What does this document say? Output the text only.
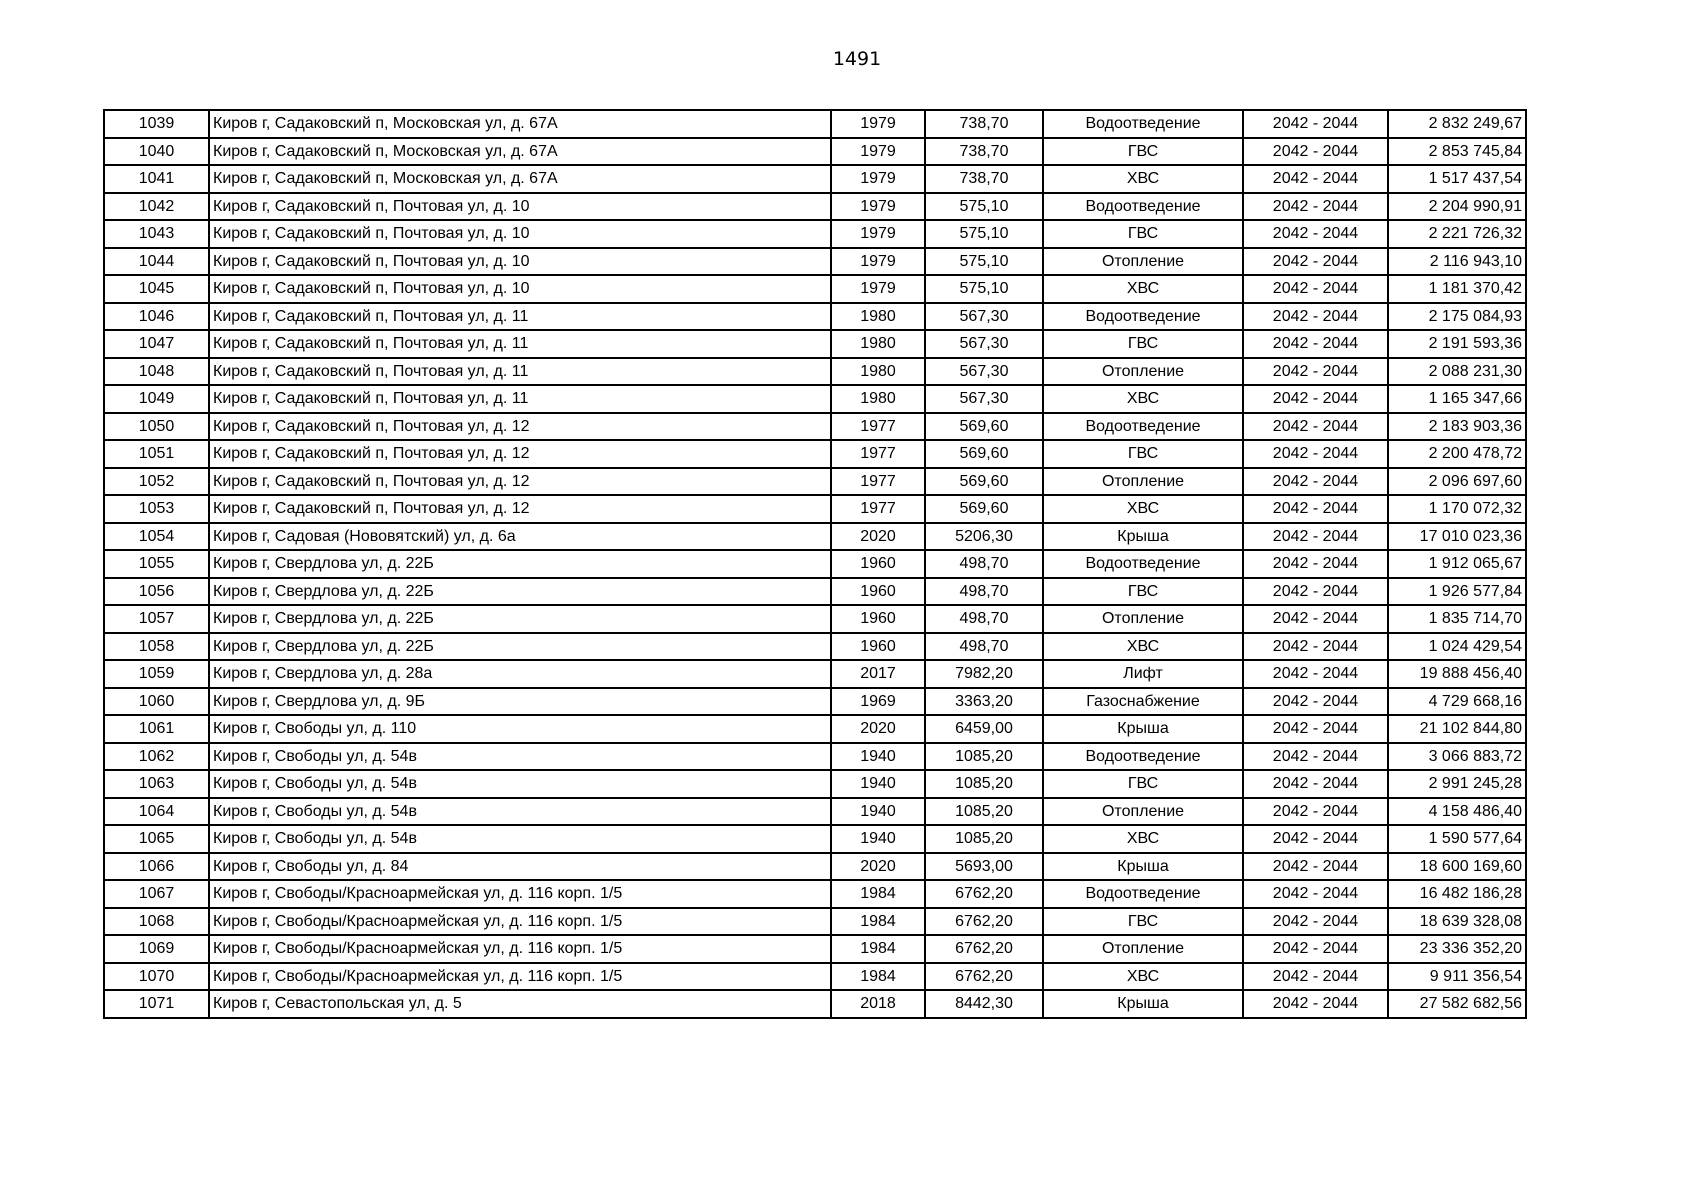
1491
1039	Киров г, Садаковский п, Московская ул, д. 67А	1979	738,70	Водоотведение	2042 - 2044	2 832 249,67
1040	Киров г, Садаковский п, Московская ул, д. 67А	1979	738,70	ГВС	2042 - 2044	2 853 745,84
1041	Киров г, Садаковский п, Московская ул, д. 67А	1979	738,70	ХВС	2042 - 2044	1 517 437,54
1042	Киров г, Садаковский п, Почтовая ул, д. 10	1979	575,10	Водоотведение	2042 - 2044	2 204 990,91
1043	Киров г, Садаковский п, Почтовая ул, д. 10	1979	575,10	ГВС	2042 - 2044	2 221 726,32
1044	Киров г, Садаковский п, Почтовая ул, д. 10	1979	575,10	Отопление	2042 - 2044	2 116 943,10
1045	Киров г, Садаковский п, Почтовая ул, д. 10	1979	575,10	ХВС	2042 - 2044	1 181 370,42
1046	Киров г, Садаковский п, Почтовая ул, д. 11	1980	567,30	Водоотведение	2042 - 2044	2 175 084,93
1047	Киров г, Садаковский п, Почтовая ул, д. 11	1980	567,30	ГВС	2042 - 2044	2 191 593,36
1048	Киров г, Садаковский п, Почтовая ул, д. 11	1980	567,30	Отопление	2042 - 2044	2 088 231,30
1049	Киров г, Садаковский п, Почтовая ул, д. 11	1980	567,30	ХВС	2042 - 2044	1 165 347,66
1050	Киров г, Садаковский п, Почтовая ул, д. 12	1977	569,60	Водоотведение	2042 - 2044	2 183 903,36
1051	Киров г, Садаковский п, Почтовая ул, д. 12	1977	569,60	ГВС	2042 - 2044	2 200 478,72
1052	Киров г, Садаковский п, Почтовая ул, д. 12	1977	569,60	Отопление	2042 - 2044	2 096 697,60
1053	Киров г, Садаковский п, Почтовая ул, д. 12	1977	569,60	ХВС	2042 - 2044	1 170 072,32
1054	Киров г, Садовая (Нововятский) ул, д. 6а	2020	5206,30	Крыша	2042 - 2044	17 010 023,36
1055	Киров г, Свердлова ул, д. 22Б	1960	498,70	Водоотведение	2042 - 2044	1 912 065,67
1056	Киров г, Свердлова ул, д. 22Б	1960	498,70	ГВС	2042 - 2044	1 926 577,84
1057	Киров г, Свердлова ул, д. 22Б	1960	498,70	Отопление	2042 - 2044	1 835 714,70
1058	Киров г, Свердлова ул, д. 22Б	1960	498,70	ХВС	2042 - 2044	1 024 429,54
1059	Киров г, Свердлова ул, д. 28а	2017	7982,20	Лифт	2042 - 2044	19 888 456,40
1060	Киров г, Свердлова ул, д. 9Б	1969	3363,20	Газоснабжение	2042 - 2044	4 729 668,16
1061	Киров г, Свободы ул, д. 110	2020	6459,00	Крыша	2042 - 2044	21 102 844,80
1062	Киров г, Свободы ул, д. 54в	1940	1085,20	Водоотведение	2042 - 2044	3 066 883,72
1063	Киров г, Свободы ул, д. 54в	1940	1085,20	ГВС	2042 - 2044	2 991 245,28
1064	Киров г, Свободы ул, д. 54в	1940	1085,20	Отопление	2042 - 2044	4 158 486,40
1065	Киров г, Свободы ул, д. 54в	1940	1085,20	ХВС	2042 - 2044	1 590 577,64
1066	Киров г, Свободы ул, д. 84	2020	5693,00	Крыша	2042 - 2044	18 600 169,60
1067	Киров г, Свободы/Красноармейская ул, д. 116 корп. 1/5	1984	6762,20	Водоотведение	2042 - 2044	16 482 186,28
1068	Киров г, Свободы/Красноармейская ул, д. 116 корп. 1/5	1984	6762,20	ГВС	2042 - 2044	18 639 328,08
1069	Киров г, Свободы/Красноармейская ул, д. 116 корп. 1/5	1984	6762,20	Отопление	2042 - 2044	23 336 352,20
1070	Киров г, Свободы/Красноармейская ул, д. 116 корп. 1/5	1984	6762,20	ХВС	2042 - 2044	9 911 356,54
1071	Киров г, Севастопольская ул, д. 5	2018	8442,30	Крыша	2042 - 2044	27 582 682,56
